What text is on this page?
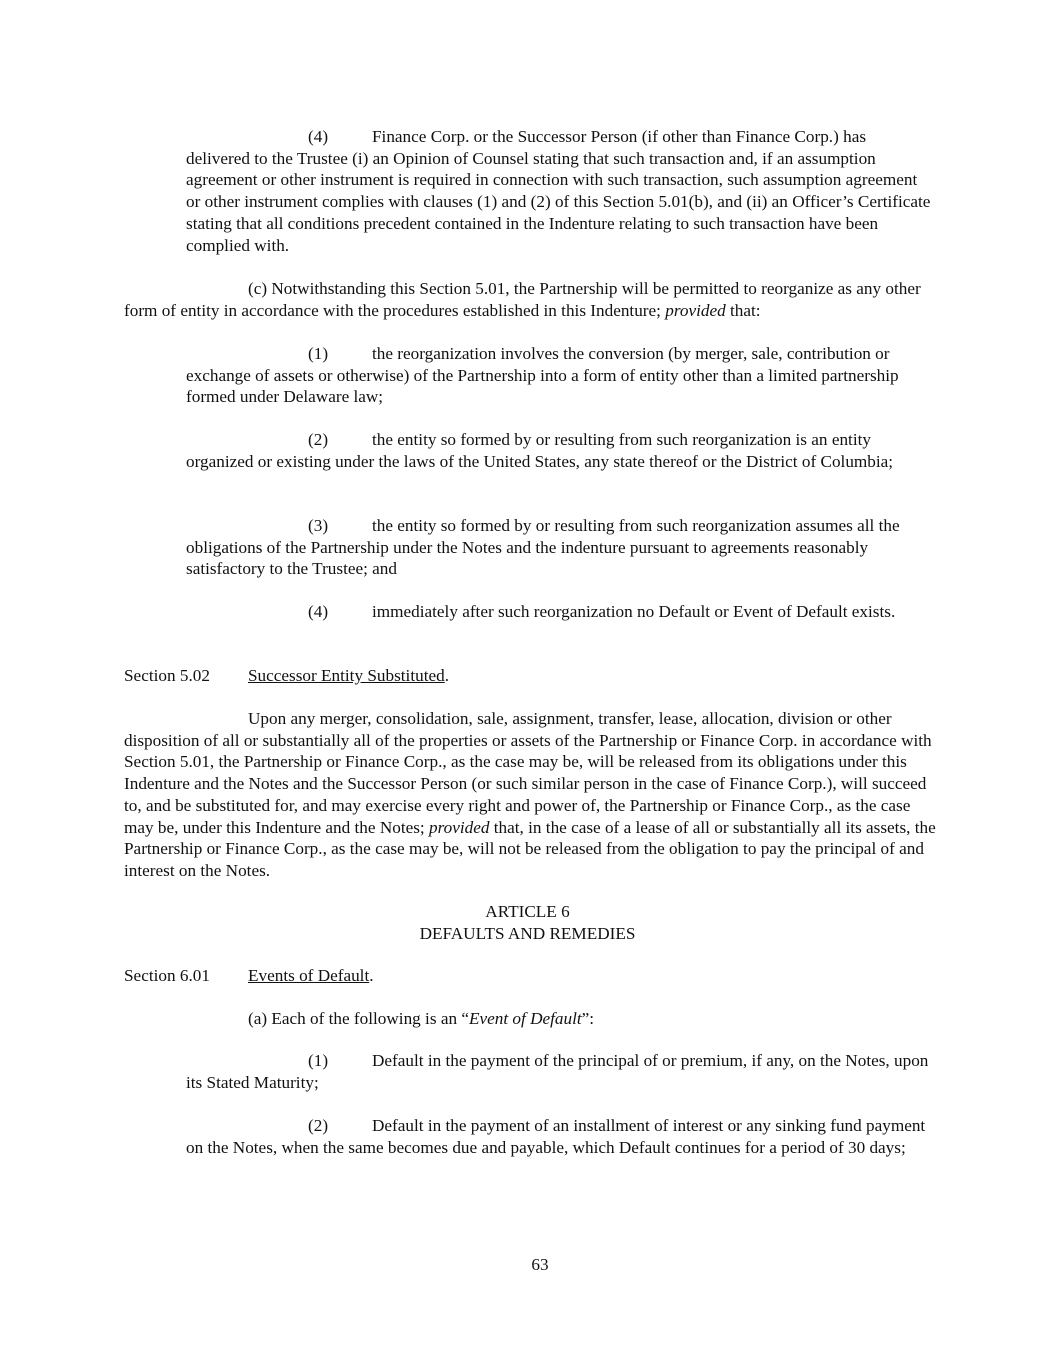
(4)	Finance Corp. or the Successor Person (if other than Finance Corp.) has delivered to the Trustee (i) an Opinion of Counsel stating that such transaction and, if an assumption agreement or other instrument is required in connection with such transaction, such assumption agreement or other instrument complies with clauses (1) and (2) of this Section 5.01(b), and (ii) an Officer’s Certificate stating that all conditions precedent contained in the Indenture relating to such transaction have been complied with.

(c) Notwithstanding this Section 5.01, the Partnership will be permitted to reorganize as any other form of entity in accordance with the procedures established in this Indenture; provided that:

(1)	the reorganization involves the conversion (by merger, sale, contribution or exchange of assets or otherwise) of the Partnership into a form of entity other than a limited partnership formed under Delaware law;

(2)	the entity so formed by or resulting from such reorganization is an entity organized or existing under the laws of the United States, any state thereof or the District of Columbia;

(3)	the entity so formed by or resulting from such reorganization assumes all the obligations of the Partnership under the Notes and the indenture pursuant to agreements reasonably satisfactory to the Trustee; and

(4)	immediately after such reorganization no Default or Event of Default exists.

Section 5.02 Successor Entity Substituted.

Upon any merger, consolidation, sale, assignment, transfer, lease, allocation, division or other disposition of all or substantially all of the properties or assets of the Partnership or Finance Corp. in accordance with Section 5.01, the Partnership or Finance Corp., as the case may be, will be released from its obligations under this Indenture and the Notes and the Successor Person (or such similar person in the case of Finance Corp.), will succeed to, and be substituted for, and may exercise every right and power of, the Partnership or Finance Corp., as the case may be, under this Indenture and the Notes; provided that, in the case of a lease of all or substantially all its assets, the Partnership or Finance Corp., as the case may be, will not be released from the obligation to pay the principal of and interest on the Notes.

ARTICLE 6

DEFAULTS AND REMEDIES

Section 6.01 Events of Default.

(a) Each of the following is an “Event of Default”:

(1)	Default in the payment of the principal of or premium, if any, on the Notes, upon its Stated Maturity;

(2)	Default in the payment of an installment of interest or any sinking fund payment on the Notes, when the same becomes due and payable, which Default continues for a period of 30 days;

63
